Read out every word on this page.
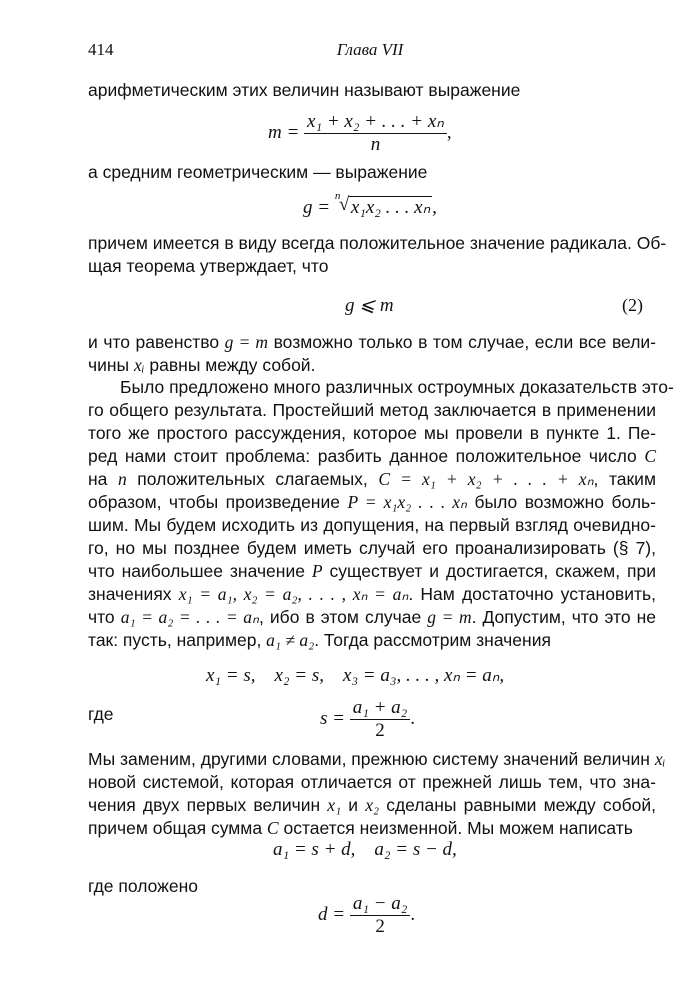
414	Глава VII
арифметическим этих величин называют выражение
$m = \frac{\text{x₁ + x₂ + . . . + xₙ}}{n}$ ,
а средним геометрическим — выражение
g =
n
√ x₁x₂ . . . xₙ ,
причем имеется в виду всегда положительное значение радикала. Об-
щая теорема утверждает, что
g ⩽ m	(2)
и что равенство g = m возможно только в том случае, если все вели-
чины xᵢ равны между собой.
Было предложено много различных остроумных доказательств это-
го общего результата. Простейший метод заключается в применении
того же простого рассуждения, которое мы провели в пункте 1. Пе-
ред нами стоит проблема: разбить данное положительное число C
на n положительных слагаемых, C = x₁ + x₂ + . . . + xₙ, таким
образом, чтобы произведение P = x₁x₂ . . . xₙ было возможно боль-
шим. Мы будем исходить из допущения, на первый взгляд очевидно-
го, но мы позднее будем иметь случай его проанализировать (§ 7),
что наибольшее значение P существует и достигается, скажем, при
значениях x₁ = a₁, x₂ = a₂, . . . , xₙ = aₙ. Нам достаточно установить,
что a₁ = a₂ = . . . = aₙ, ибо в этом случае g = m. Допустим, что это не
так: пусть, например, a₁ ≠ a₂. Тогда рассмотрим значения
x₁ = s,    x₂ = s,    x₃ = a₃, . . . , xₙ = aₙ,
где	$s = \frac{\text{a₁ + a₂}}{2}$ .
Мы заменим, другими словами, прежнюю систему значений величин xᵢ
новой системой, которая отличается от прежней лишь тем, что зна-
чения двух первых величин x₁ и x₂ сделаны равными между собой,
причем общая сумма C остается неизменной. Мы можем написать
a₁ = s + d,    a₂ = s − d,
где положено
$d = \frac{\text{a₁ − a₂}}{2}$ .
